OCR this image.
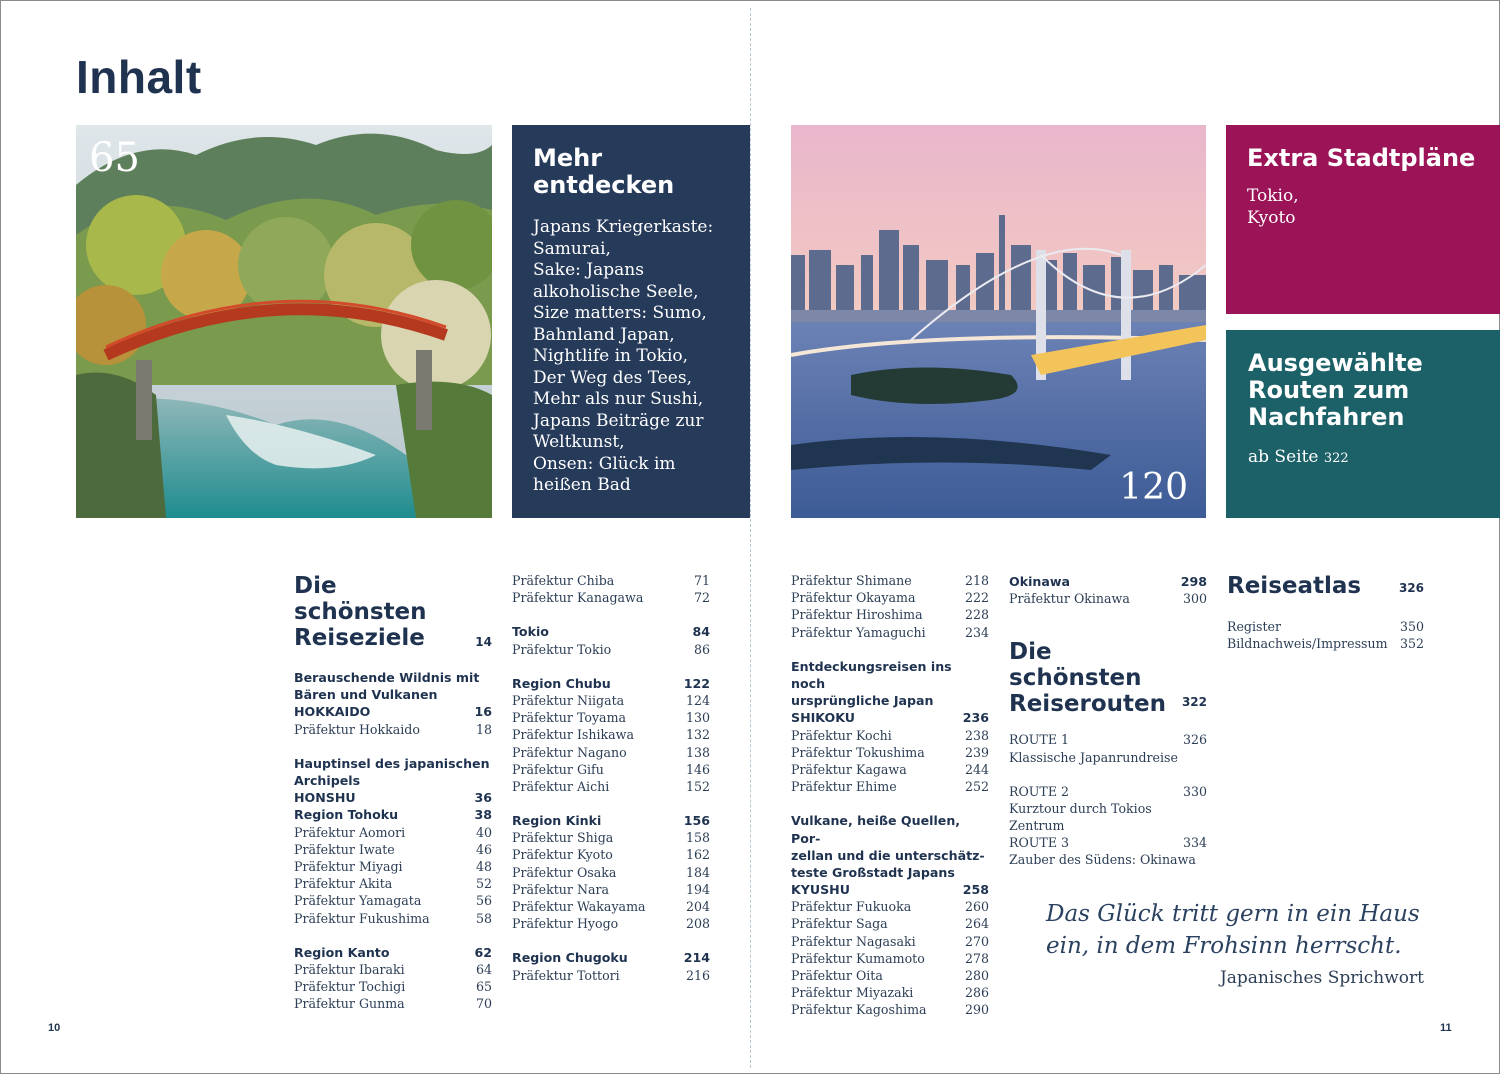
Inhalt
65	Mehr
entdecken
Japans Kriegerkaste:
Samurai,
Sake: Japans
alkoholische Seele,
Size matters: Sumo,
Bahnland Japan,
Nightlife in Tokio,
Der Weg des Tees,
Mehr als nur Sushi,
Japans Beiträge zur
Weltkunst,
Onsen: Glück im
heißen Bad	120
Extra Stadtpläne
Tokio,
Kyoto
Ausgewählte
Routen zum
Nachfahren
ab Seite 322
Die schönsten
Reiseziele	14
Berauschende Wildnis mit
Bären und Vulkanen
HOKKAIDO	16
Präfektur Hokkaido	18
Hauptinsel des japanischen
Archipels
HONSHU	36
Region Tohoku	38
Präfektur Aomori	40
Präfektur Iwate	46
Präfektur Miyagi	48
Präfektur Akita	52
Präfektur Yamagata	56
Präfektur Fukushima	58
Region Kanto	62
Präfektur Ibaraki	64
Präfektur Tochigi	65
Präfektur Gunma	70
Präfektur Chiba	71
Präfektur Kanagawa	72
Tokio	84
Präfektur Tokio	86
Region Chubu	122
Präfektur Niigata	124
Präfektur Toyama	130
Präfektur Ishikawa	132
Präfektur Nagano	138
Präfektur Gifu	146
Präfektur Aichi	152
Region Kinki	156
Präfektur Shiga	158
Präfektur Kyoto	162
Präfektur Osaka	184
Präfektur Nara	194
Präfektur Wakayama	204
Präfektur Hyogo	208
Region Chugoku	214
Präfektur Tottori	216
Präfektur Shimane	218
Präfektur Okayama	222
Präfektur Hiroshima	228
Präfektur Yamaguchi	234
Entdeckungsreisen ins noch
ursprüngliche Japan
SHIKOKU	236
Präfektur Kochi	238
Präfektur Tokushima	239
Präfektur Kagawa	244
Präfektur Ehime	252
Vulkane, heiße Quellen, Por-
zellan und die unterschätz-
teste Großstadt Japans
KYUSHU	258
Präfektur Fukuoka	260
Präfektur Saga	264
Präfektur Nagasaki	270
Präfektur Kumamoto	278
Präfektur Oita	280
Präfektur Miyazaki	286
Präfektur Kagoshima	290
Okinawa	298
Präfektur Okinawa	300
Die schönsten
Reiserouten	322
ROUTE 1	326
Klassische Japanrundreise
ROUTE 2	330
Kurztour durch Tokios Zentrum
ROUTE 3	334
Zauber des Südens: Okinawa
Reiseatlas	326
Register	350
Bildnachweis/Impressum 352
Das Glück tritt gern in ein Haus
ein, in dem Frohsinn herrscht.
Japanisches Sprichwort
10	11
